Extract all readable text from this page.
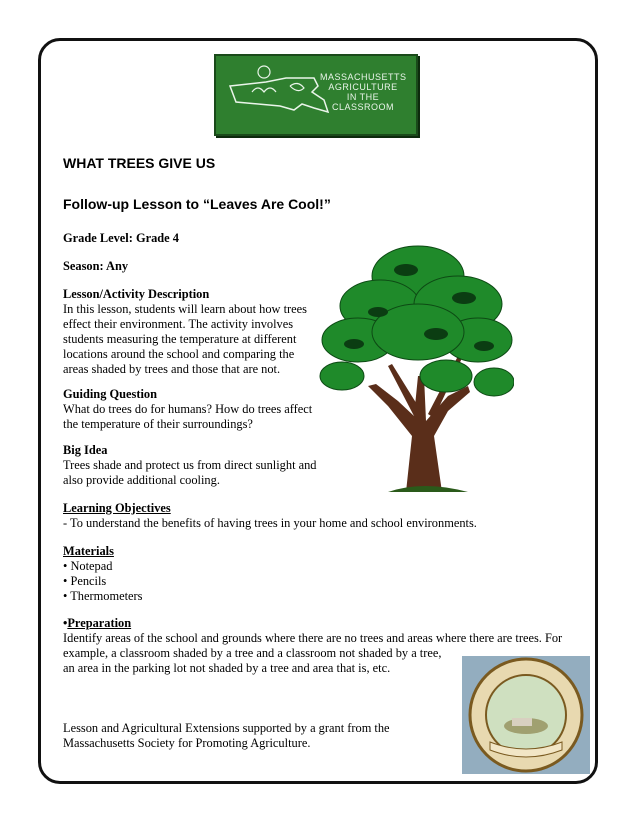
MASSACHUSETTS
AGRICULTURE
IN THE CLASSROOM
WHAT TREES GIVE US
Follow-up Lesson to “Leaves Are Cool!”
Grade Level: Grade 4
Season: Any
Lesson/Activity Description
In this lesson, students will learn about how trees
effect their environment. The activity involves
students measuring the temperature at different
locations around the school and comparing the
areas shaded by trees and those that are not.
Guiding Question
What do trees do for humans? How do trees affect
the temperature of their surroundings?
Big Idea
Trees shade and protect us from direct sunlight and
also provide additional cooling.
Learning Objectives
- To understand the benefits of having trees in your home and school environments.
Materials
• Notepad
• Pencils
• Thermometers
•Preparation
Identify areas of the school and grounds where there are no trees and areas where there are trees. For
example, a classroom shaded by a tree and a classroom not shaded by a tree,
an area in the parking lot not shaded by a tree and area that is, etc.
Lesson and Agricultural Extensions supported by a grant from the
Massachusetts Society for Promoting Agriculture.
